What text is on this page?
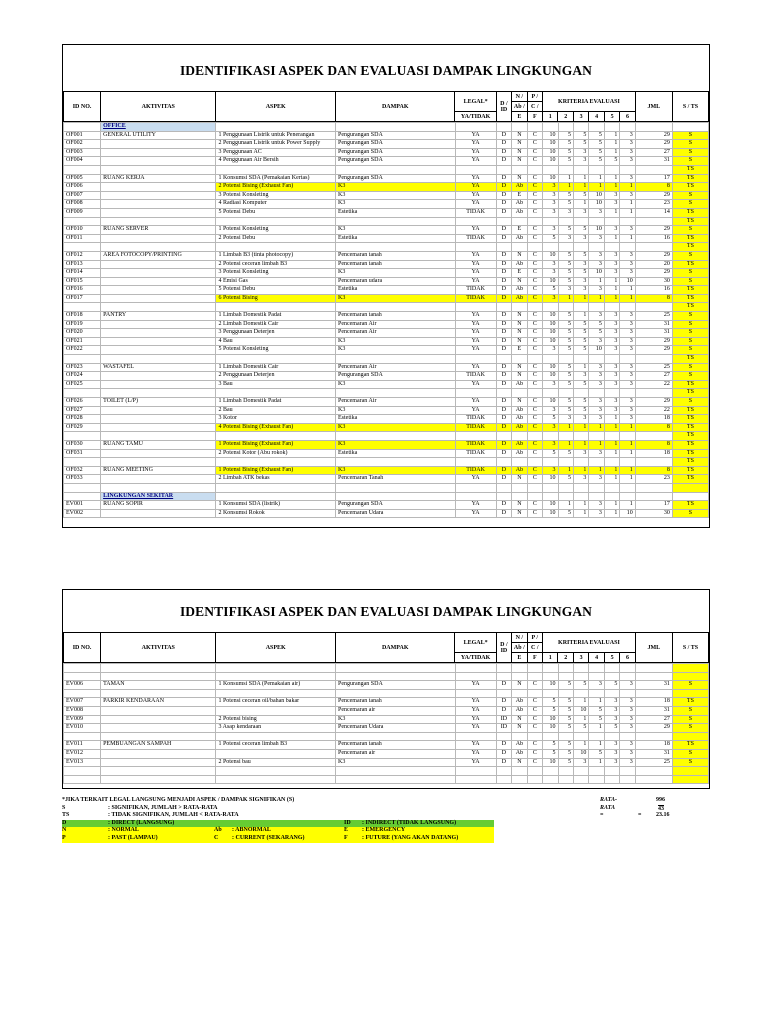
IDENTIFIKASI ASPEK DAN EVALUASI DAMPAK LINGKUNGAN
ID NO.	AKTIVITAS	ASPEK	DAMPAK	LEGAL*	D /
ID	N /	P /	KRITERIA EVALUASI						JML	S / TS
						Ab /	C /								
				YA/TIDAK		E	F	1	2	3	4	5	6		
	OFFICE														
OF001	GENERAL UTILITY	1 Penggunaan Listrik untuk Penerangan	Pengurangan SDA	YA	D	N	C	10	5	5	5	1	3	29	S
OF002		2 Penggunaan Listrik untuk Power Supply	Pengurangan SDA	YA	D	N	C	10	5	5	5	1	3	29	S
OF003		3 Penggunaan AC	Pengurangan SDA	YA	D	N	C	10	5	3	5	1	3	27	S
OF004		4 Penggunaan Air Bersih	Pengurangan SDA	YA	D	N	C	10	5	3	5	5	3	31	S
															TS
OF005	RUANG KERJA	1 Konsumsi SDA (Pemakaian Kertas)	Pengurangan SDA	YA	D	N	C	10	1	1	1	1	3	17	TS
OF006		2 Potensi Bising (Exhaust Fan)	K3	YA	D	Ab	C	3	1	1	1	1	1	8	TS
OF007		3 Potensi Konsleting	K3	YA	D	E	C	3	5	5	10	3	3	29	S
OF008		4 Radiasi Komputer	K3	YA	D	Ab	C	3	5	1	10	3	1	23	S
OF009		5 Potensi Debu	Estetika	TIDAK	D	Ab	C	3	3	3	3	1	1	14	TS
															TS
OF010	RUANG SERVER	1 Potensi Konsleting	K3	YA	D	E	C	3	5	5	10	3	3	29	S
OF011		2 Potensi Debu	Estetika	TIDAK	D	Ab	C	5	3	3	3	1	1	16	TS
															TS
OF012	AREA FOTOCOPY/PRINTING	1 Limbah B3 (tinta photocopy)	Pencemaran tanah	YA	D	N	C	10	5	5	3	3	3	29	S
OF013		2 Potensi ceceran limbah B3	Pencemaran tanah	YA	D	Ab	C	3	5	3	3	3	3	20	TS
OF014		3 Potensi Konsleting	K3	YA	D	E	C	3	5	5	10	3	3	29	S
OF015		4 Emisi Gas	Pencemaran udara	YA	D	N	C	10	5	3	1	1	10	30	S
OF016		5 Potensi Debu	Estetika	TIDAK	D	Ab	C	5	3	3	3	1	1	16	TS
OF017		6 Potensi Bising	K3	TIDAK	D	Ab	C	3	1	1	1	1	1	8	TS
															TS
OF018	PANTRY	1 Limbah Domestik Padat	Pencemaran tanah	YA	D	N	C	10	5	1	3	3	3	25	S
OF019		2 Limbah Domestik Cair	Pencemaran Air	YA	D	N	C	10	5	5	5	3	3	31	S
OF020		3 Penggunaan Deterjen	Pencemaran Air	YA	D	N	C	10	5	5	5	3	3	31	S
OF021		4 Bau	K3	YA	D	N	C	10	5	5	3	3	3	29	S
OF022		5 Potensi Konsleting	K3	YA	D	E	C	3	5	5	10	3	3	29	S
															TS
OF023	WASTAFEL	1 Limbah Domestik Cair	Pencemaran Air	YA	D	N	C	10	5	1	3	3	3	25	S
OF024		2 Penggunaan Deterjen	Pengurangan SDA	TIDAK	D	N	C	10	5	3	3	3	3	27	S
OF025		3 Bau	K3	YA	D	Ab	C	3	5	5	3	3	3	22	TS
															TS
OF026	TOILET (L/P)	1 Limbah Domestik Padat	Pencemaran Air	YA	D	N	C	10	5	5	3	3	3	29	S
OF027		2 Bau	K3	YA	D	Ab	C	3	5	5	3	3	3	22	TS
OF028		3 Kotor	Estetika	TIDAK	D	Ab	C	5	3	3	3	1	3	18	TS
OF029		4 Potensi Bising (Exhaust Fan)	K3	TIDAK	D	Ab	C	3	1	1	1	1	1	8	TS
															TS
OF030	RUANG TAMU	1 Potensi Bising (Exhaust Fan)	K3	TIDAK	D	Ab	C	3	1	1	1	1	1	8	TS
OF031		2 Potensi Kotor (Abu rokok)	Estetika	TIDAK	D	Ab	C	5	5	3	3	1	1	18	TS
															TS
OF032	RUANG MEETING	1 Potensi Bising (Exhaust Fan)	K3	TIDAK	D	Ab	C	3	1	1	1	1	1	8	TS
OF033		2 Limbah ATK bekas	Pencemaran Tanah	YA	D	N	C	10	5	3	3	1	1	23	TS

	LINGKUNGAN SEKITAR														
EV001	RUANG SOPIR	1 Konsumsi SDA (listrik)	Pengurangan SDA	YA	D	N	C	10	1	1	3	1	1	17	TS
EV002		2 Konsumsi Rokok	Pencemaran Udara	YA	D	N	C	10	5	1	3	1	10	30	S
IDENTIFIKASI ASPEK DAN EVALUASI DAMPAK LINGKUNGAN
ID NO.	AKTIVITAS	ASPEK	DAMPAK	LEGAL*	D /
ID	N /	P /	KRITERIA EVALUASI						JML	S / TS
						Ab /	C /								
				YA/TIDAK		E	F	1	2	3	4	5	6		

EV006	TAMAN	1 Konsumsi SDA (Pemakaian air)	Pengurangan SDA	YA	D	N	C	10	5	5	3	5	3	31	S

EV007	PARKIR KENDARAAN	1 Potensi ceceran oil/bahan bakar	Pencemaran tanah	YA	D	Ab	C	5	5	1	1	3	3	18	TS
EV008			Pencemaran air	YA	D	Ab	C	5	5	10	5	3	3	31	S
EV009		2 Potensi bising	K3	YA	ID	N	C	10	5	1	5	3	3	27	S
EV010		3 Asap kendaraan	Pencemaran Udara	YA	ID	N	C	10	5	5	1	5	3	29	S

EV011	PEMBUANGAN SAMPAH	1 Potensi ceceran limbah B3	Pencemaran tanah	YA	D	Ab	C	5	5	1	1	3	3	18	TS
EV012			Pencemaran air	YA	D	Ab	C	5	5	10	5	3	3	31	S
EV013		2 Potensi bau	K3	YA	D	N	C	10	5	3	1	3	3	25	S

*JIKA TERKAIT LEGAL LANGSUNG MENJADI ASPEK / DAMPAK SIGNIFIKAN (S)
S	: SIGNIFIKAN, JUMLAH > RATA-RATA
TS	: TIDAK SIGNIFIKAN, JUMLAH < RATA-RATA
D	: DIRECT (LANGSUNG)	ID : INDIRECT (TIDAK LANGSUNG)
N	: NORMAL	Ab : ABNORMAL	E : EMERGENCY
P	: PAST (LAMPAU)	C : CURRENT (SEKARANG)	F : FUTURE (YANG AKAN DATANG)
RATA-RATA =
996
43
= 23.16
